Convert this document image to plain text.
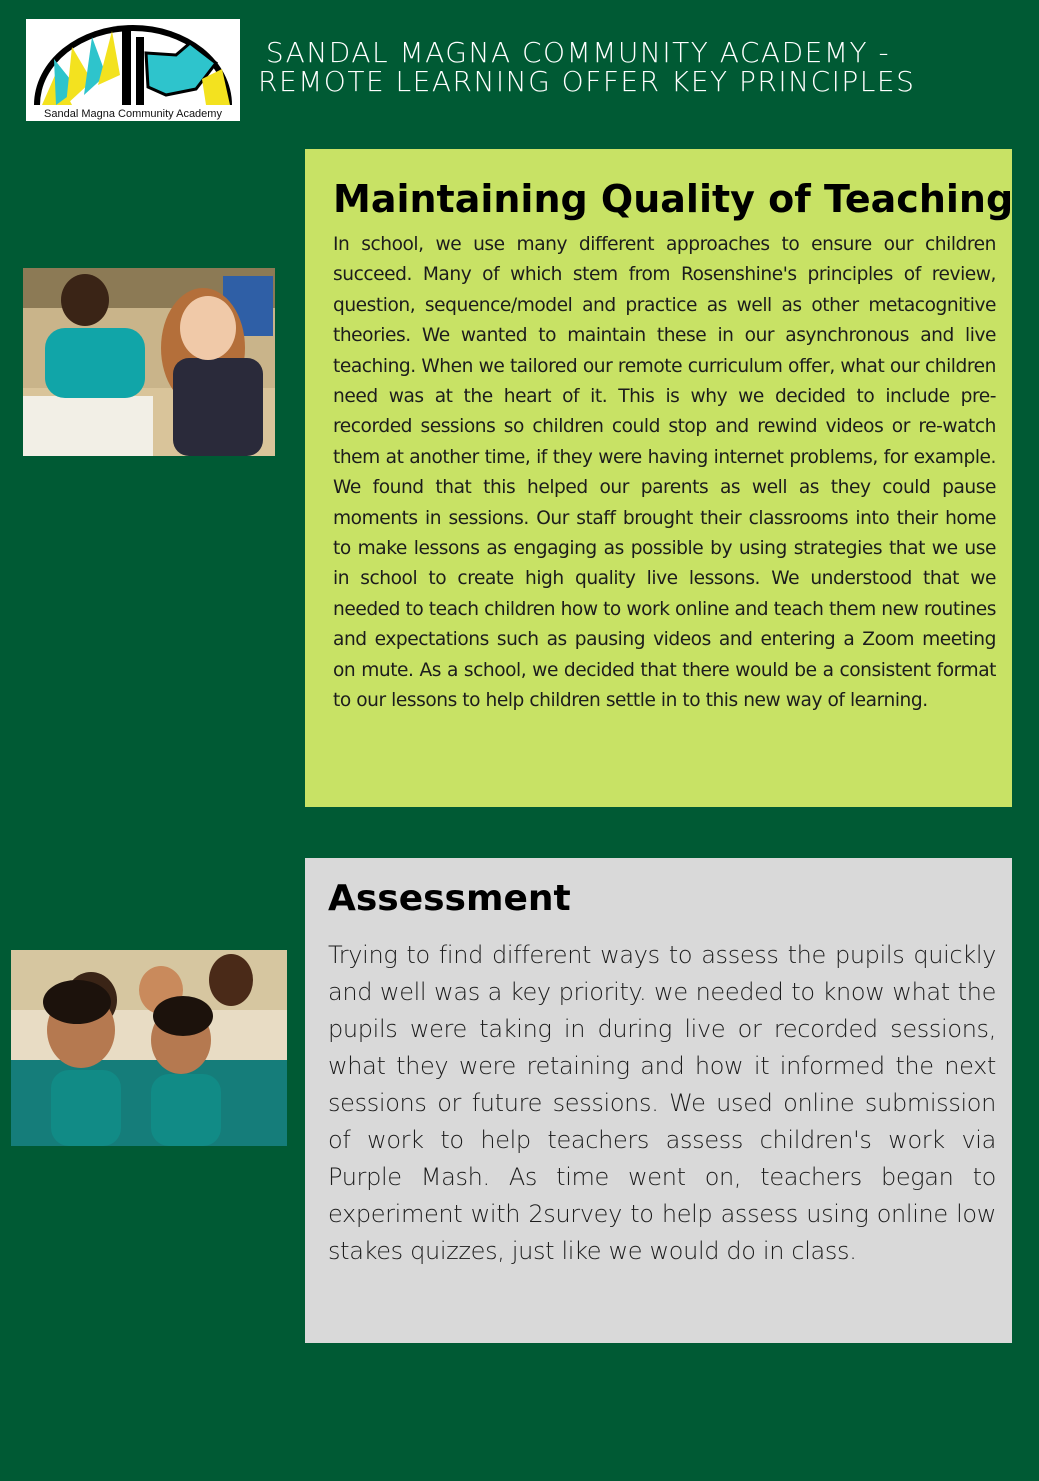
Sandal Magna Community Academy
SANDAL MAGNA COMMUNITY ACADEMY -
REMOTE LEARNING OFFER KEY PRINCIPLES
Maintaining Quality of Teaching

In school, we use many different approaches to ensure our children succeed. Many of which stem from Rosenshine's principles of review, question, sequence/model and practice as well as other metacognitive theories. We wanted to maintain these in our asynchronous and live teaching. When we tailored our remote curriculum offer, what our children need was at the heart of it. This is why we decided to include pre-recorded sessions so children could stop and rewind videos or re-watch them at another time, if they were having internet problems, for example. We found that this helped our parents as well as they could pause moments in sessions. Our staff brought their classrooms into their home to make lessons as engaging as possible by using strategies that we use in school to create high quality live lessons. We understood that we needed to teach children how to work online and teach them new routines and expectations such as pausing videos and entering a Zoom meeting on mute. As a school, we decided that there would be a consistent format to our lessons to help children settle in to this new way of learning.

Assessment

Trying to find different ways to assess the pupils quickly and well was a key priority. we needed to know what the pupils were taking in during live or recorded sessions, what they were retaining and how it informed the next sessions or future sessions. We used online submission of work to help teachers assess children's work via Purple Mash. As time went on, teachers began to experiment with 2survey to help assess using online low stakes quizzes, just like we would do in class.
